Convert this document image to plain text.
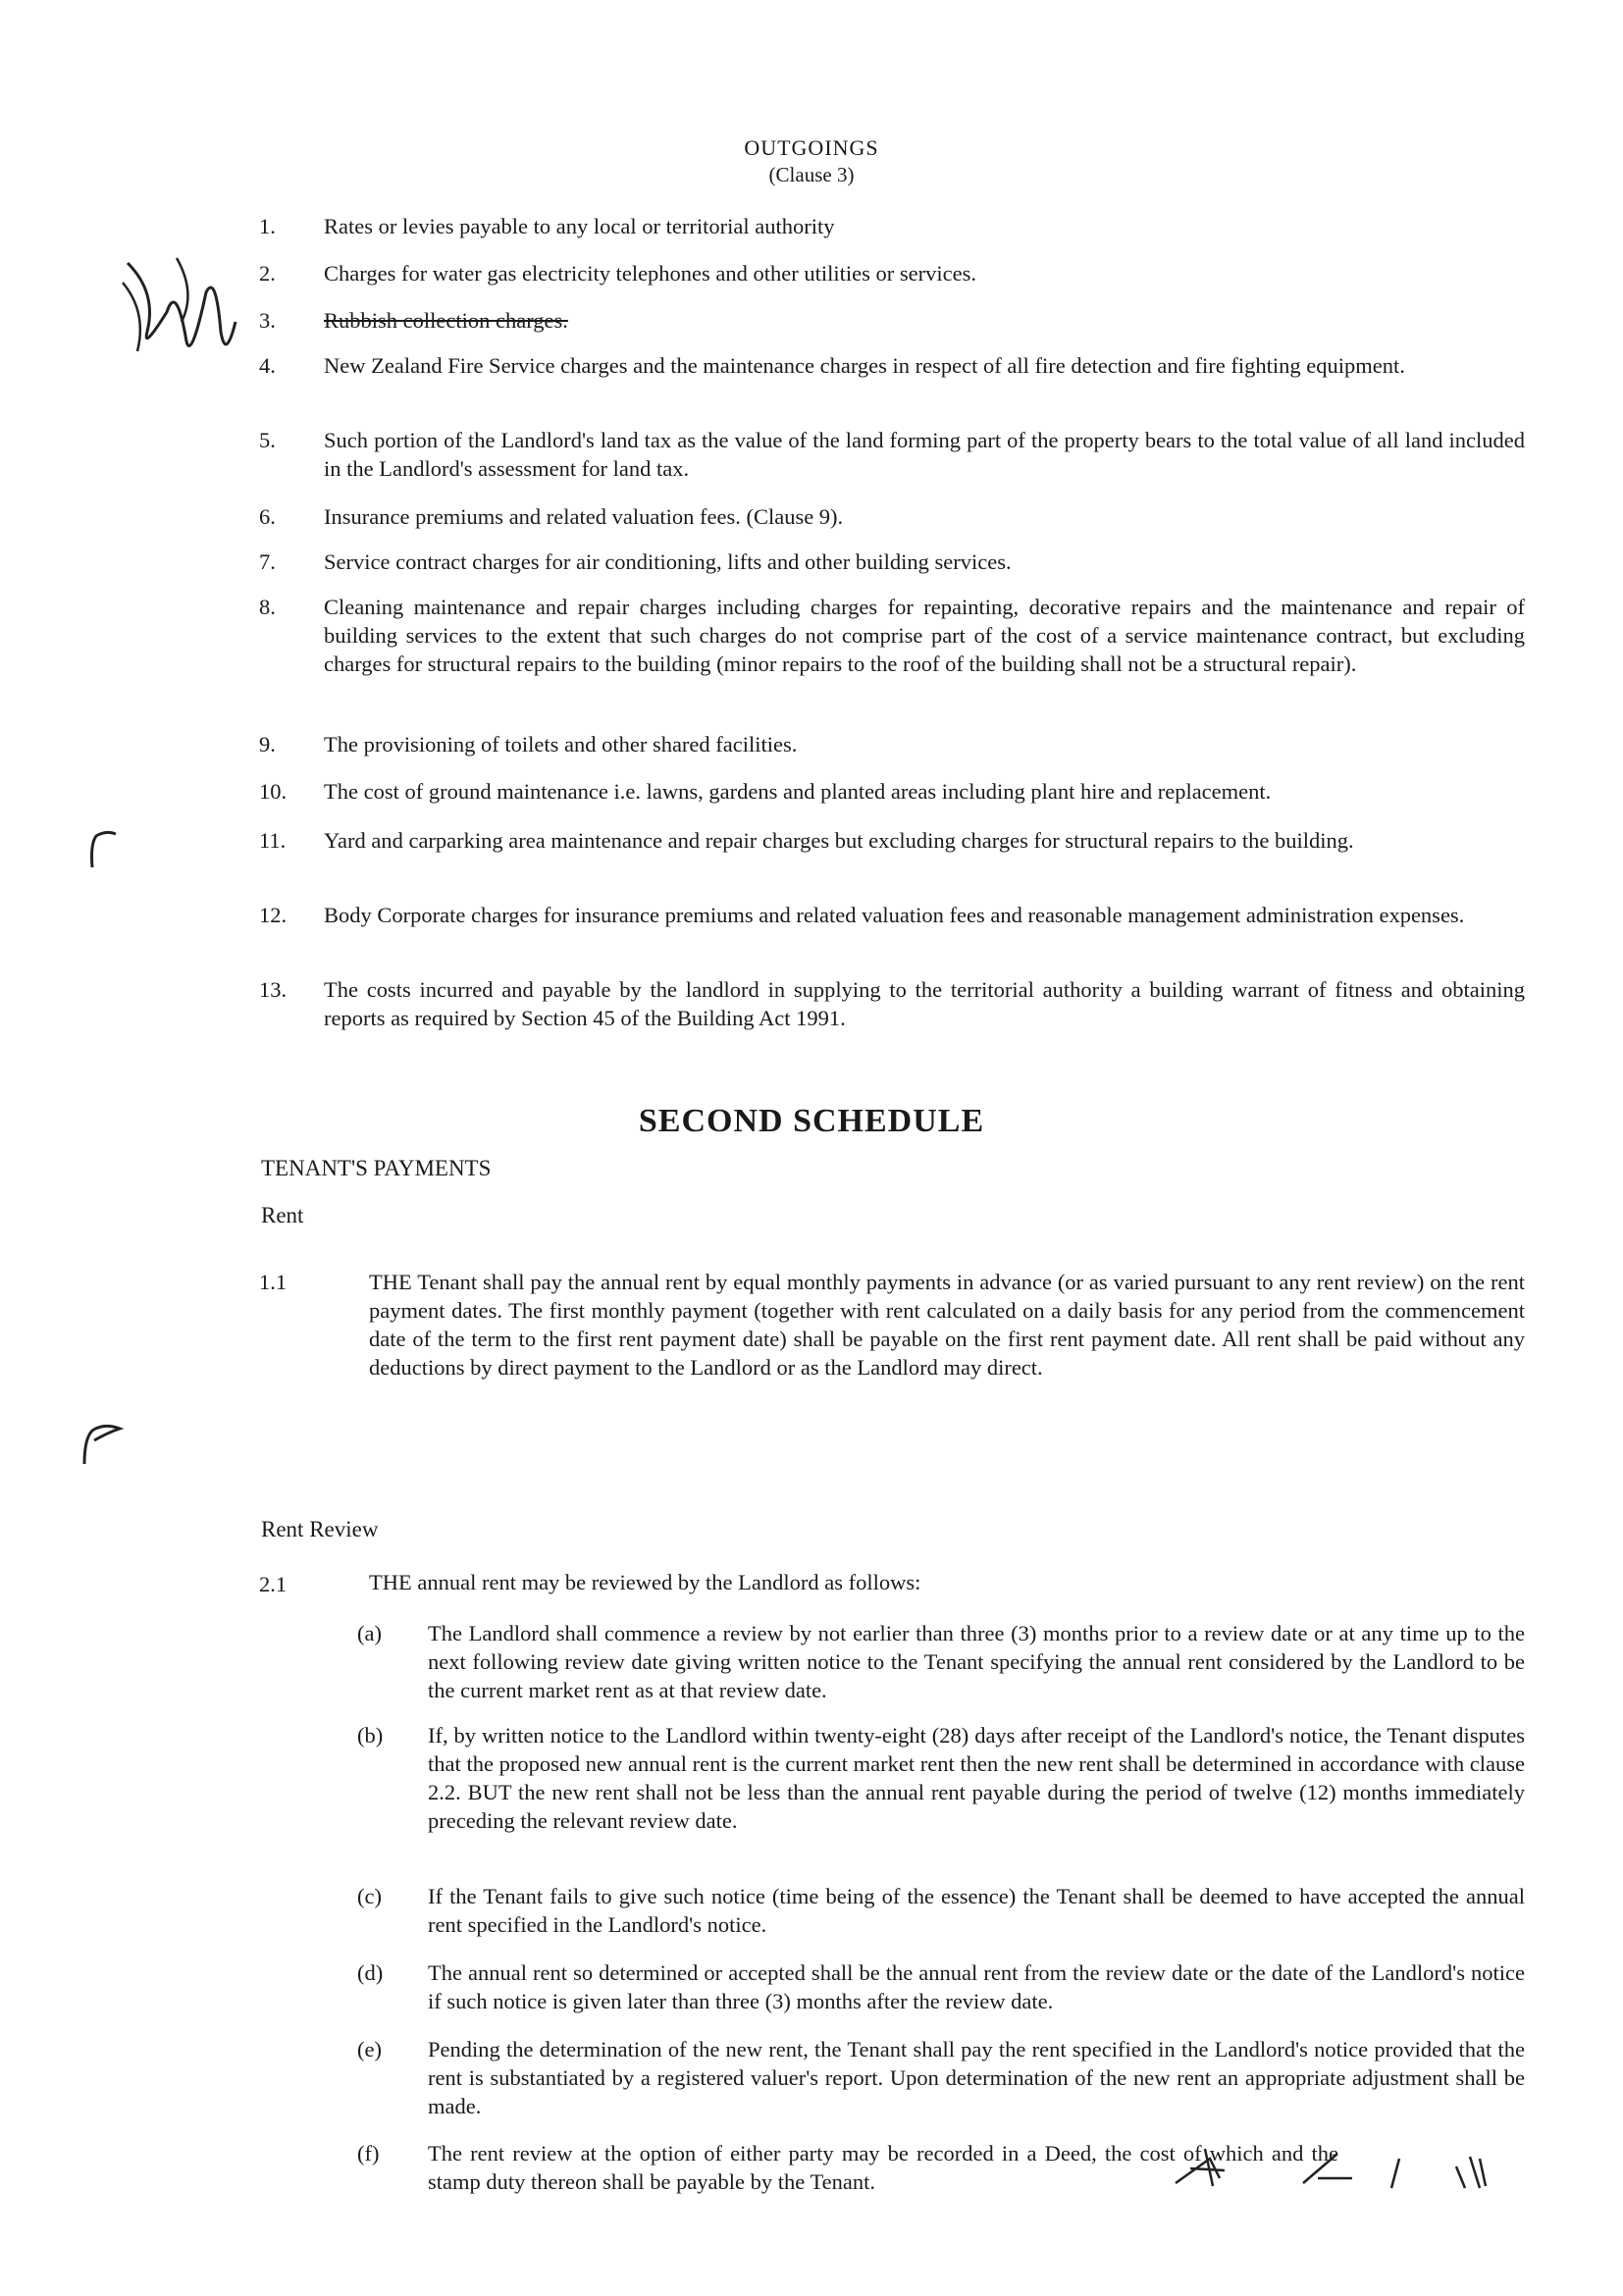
OUTGOINGS
(Clause 3)
1.	Rates or levies payable to any local or territorial authority
2.	Charges for water gas electricity telephones and other utilities or services.
3.	Rubbish collection charges.
4.	New Zealand Fire Service charges and the maintenance charges in respect of all fire detection and fire fighting equipment.
5.	Such portion of the Landlord's land tax as the value of the land forming part of the property bears to the total value of all land included in the Landlord's assessment for land tax.
6.	Insurance premiums and related valuation fees. (Clause 9).
7.	Service contract charges for air conditioning, lifts and other building services.
8.	Cleaning maintenance and repair charges including charges for repainting, decorative repairs and the maintenance and repair of building services to the extent that such charges do not comprise part of the cost of a service maintenance contract, but excluding charges for structural repairs to the building (minor repairs to the roof of the building shall not be a structural repair).
9.	The provisioning of toilets and other shared facilities.
10.	The cost of ground maintenance i.e. lawns, gardens and planted areas including plant hire and replacement.
11.	Yard and carparking area maintenance and repair charges but excluding charges for structural repairs to the building.
12.	Body Corporate charges for insurance premiums and related valuation fees and reasonable management administration expenses.
13.	The costs incurred and payable by the landlord in supplying to the territorial authority a building warrant of fitness and obtaining reports as required by Section 45 of the Building Act 1991.
SECOND SCHEDULE
TENANT'S PAYMENTS
Rent
1.1	THE Tenant shall pay the annual rent by equal monthly payments in advance (or as varied pursuant to any rent review) on the rent payment dates. The first monthly payment (together with rent calculated on a daily basis for any period from the commencement date of the term to the first rent payment date) shall be payable on the first rent payment date. All rent shall be paid without any deductions by direct payment to the Landlord or as the Landlord may direct.
Rent Review
2.1	THE annual rent may be reviewed by the Landlord as follows:
(a) The Landlord shall commence a review by not earlier than three (3) months prior to a review date or at any time up to the next following review date giving written notice to the Tenant specifying the annual rent considered by the Landlord to be the current market rent as at that review date.
(b) If, by written notice to the Landlord within twenty-eight (28) days after receipt of the Landlord's notice, the Tenant disputes that the proposed new annual rent is the current market rent then the new rent shall be determined in accordance with clause 2.2. BUT the new rent shall not be less than the annual rent payable during the period of twelve (12) months immediately preceding the relevant review date.
(c) If the Tenant fails to give such notice (time being of the essence) the Tenant shall be deemed to have accepted the annual rent specified in the Landlord's notice.
(d) The annual rent so determined or accepted shall be the annual rent from the review date or the date of the Landlord's notice if such notice is given later than three (3) months after the review date.
(e) Pending the determination of the new rent, the Tenant shall pay the rent specified in the Landlord's notice provided that the rent is substantiated by a registered valuer's report. Upon determination of the new rent an appropriate adjustment shall be made.
(f) The rent review at the option of either party may be recorded in a Deed, the cost of which and the stamp duty thereon shall be payable by the Tenant.
